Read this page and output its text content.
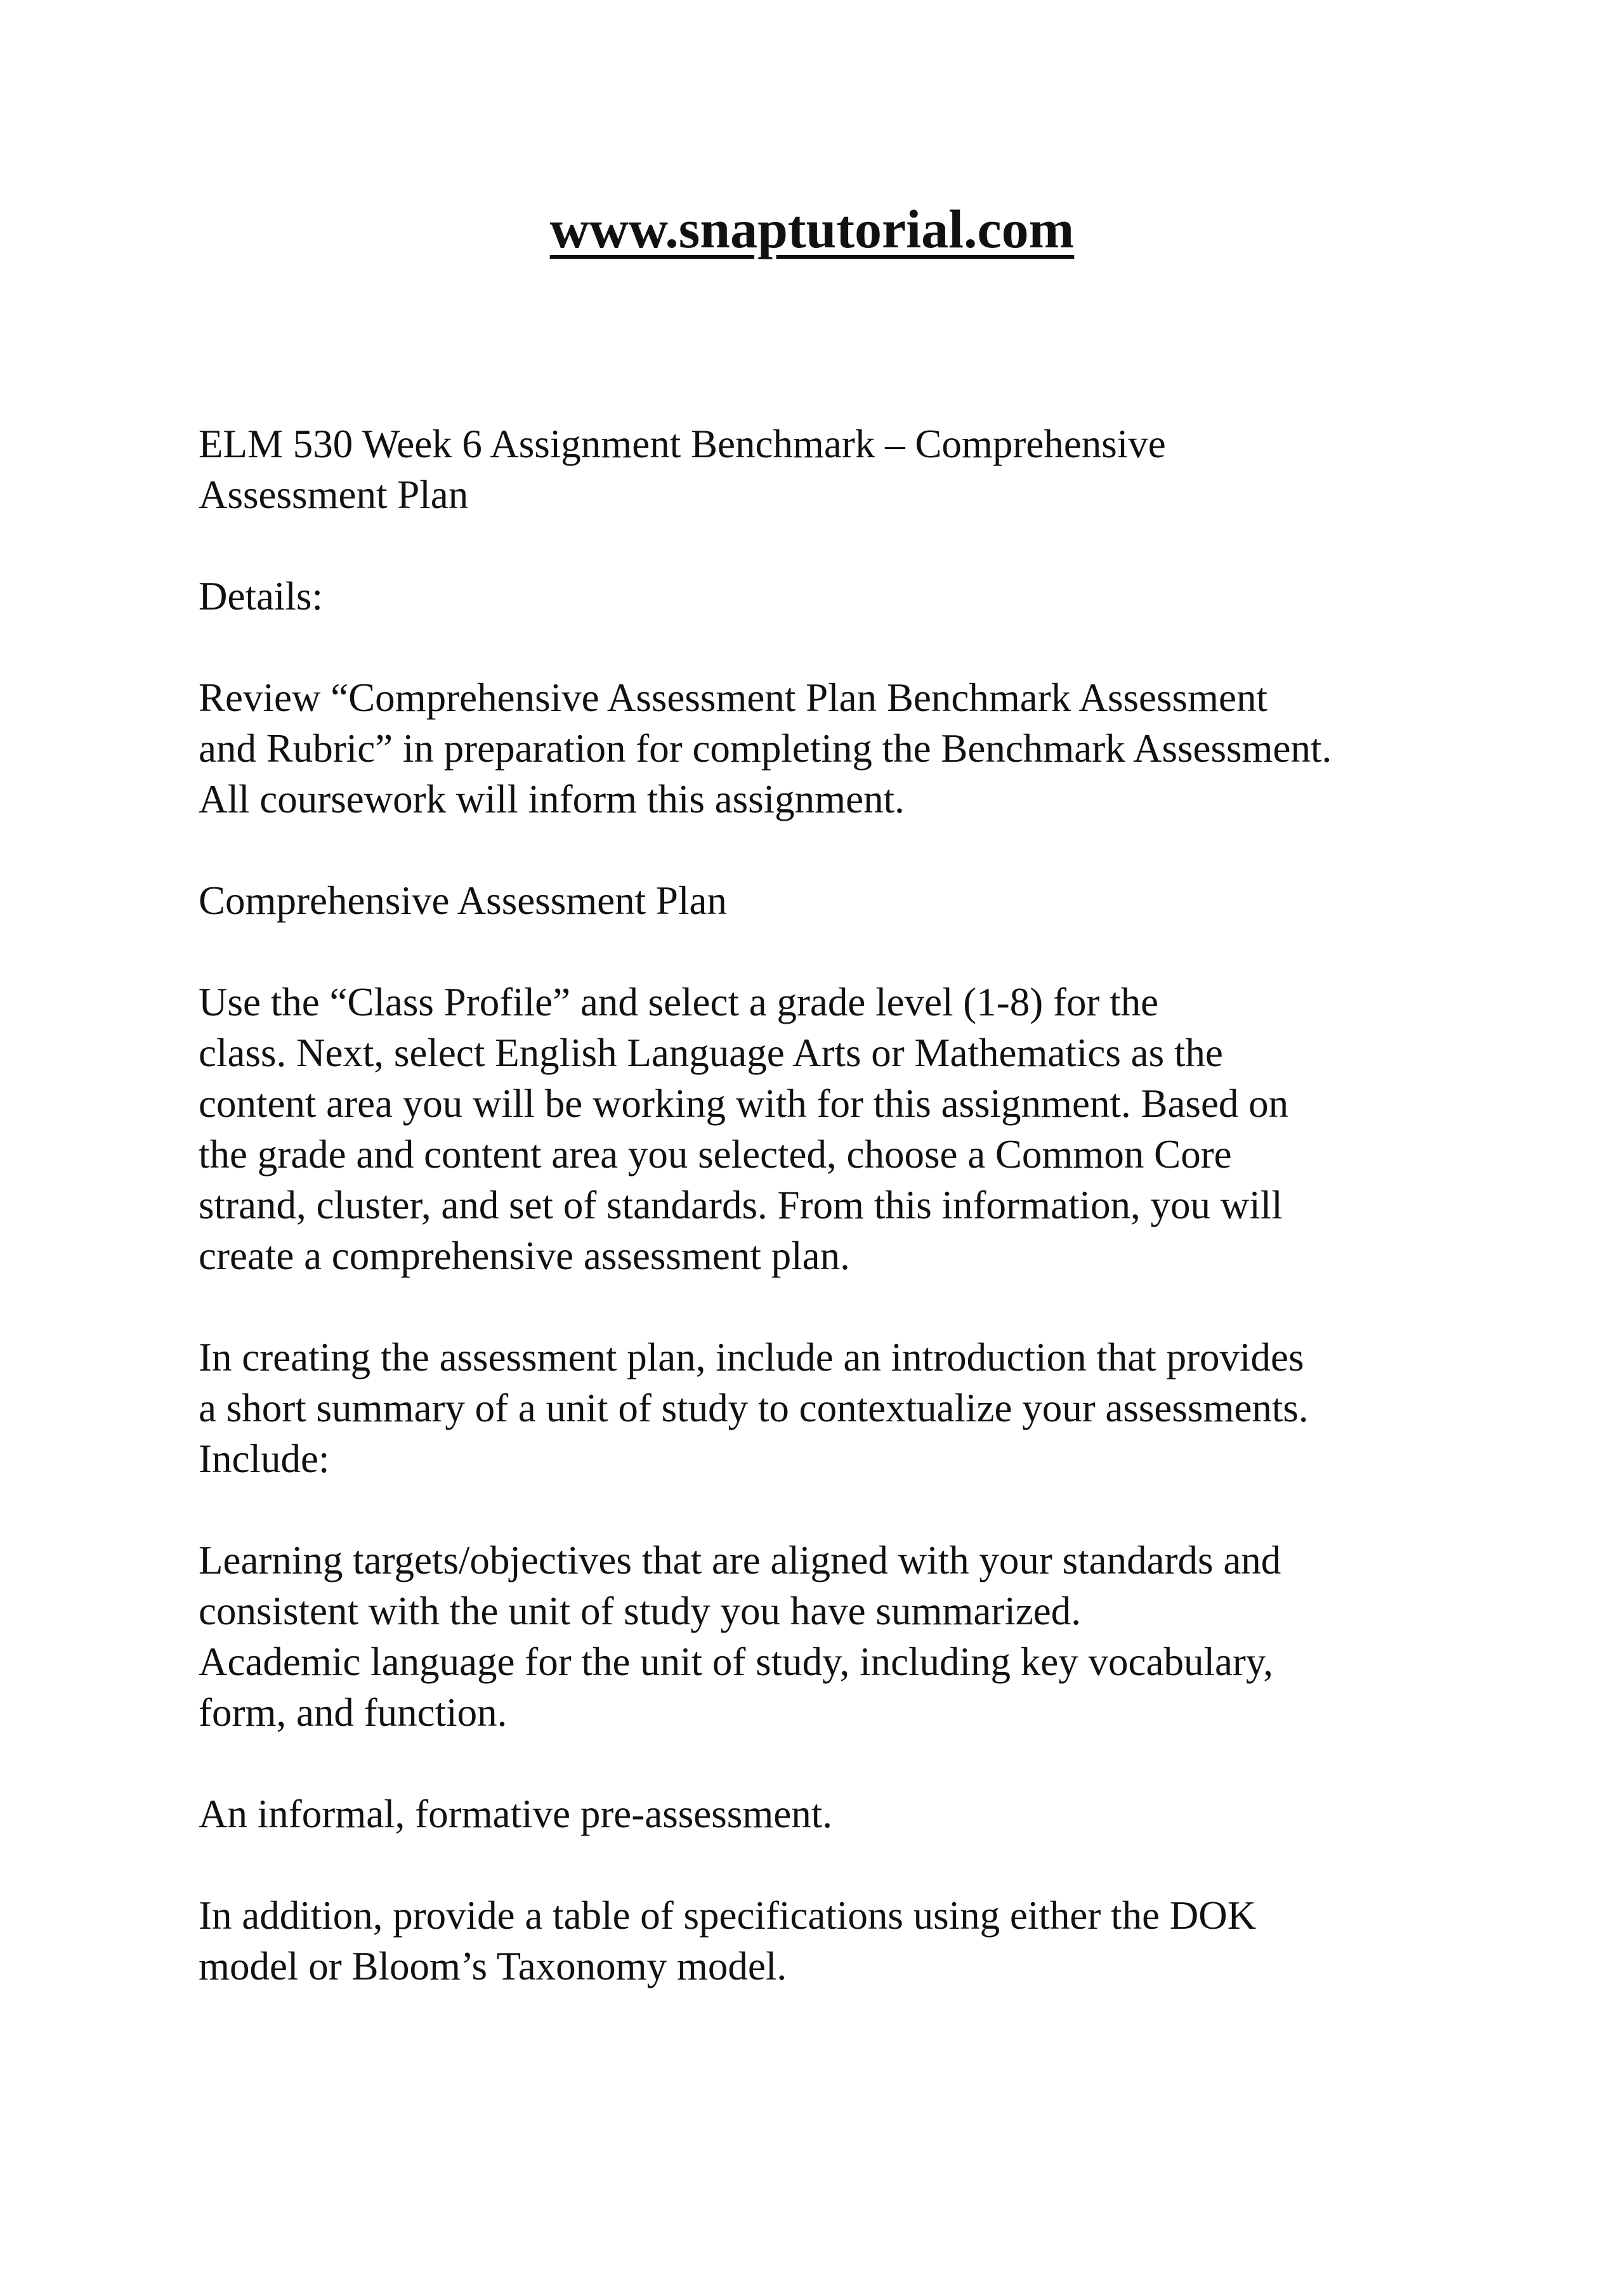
www.snaptutorial.com

ELM 530 Week 6 Assignment Benchmark – Comprehensive
Assessment Plan

Details:

Review “Comprehensive Assessment Plan Benchmark Assessment
and Rubric” in preparation for completing the Benchmark Assessment.
All coursework will inform this assignment.

Comprehensive Assessment Plan

Use the “Class Profile” and select a grade level (1-8) for the
class. Next, select English Language Arts or Mathematics as the
content area you will be working with for this assignment. Based on
the grade and content area you selected, choose a Common Core
strand, cluster, and set of standards. From this information, you will
create a comprehensive assessment plan.

In creating the assessment plan, include an introduction that provides
a short summary of a unit of study to contextualize your assessments.
Include:

Learning targets/objectives that are aligned with your standards and
consistent with the unit of study you have summarized.
Academic language for the unit of study, including key vocabulary,
form, and function.

An informal, formative pre-assessment.

In addition, provide a table of specifications using either the DOK
model or Bloom’s Taxonomy model.
